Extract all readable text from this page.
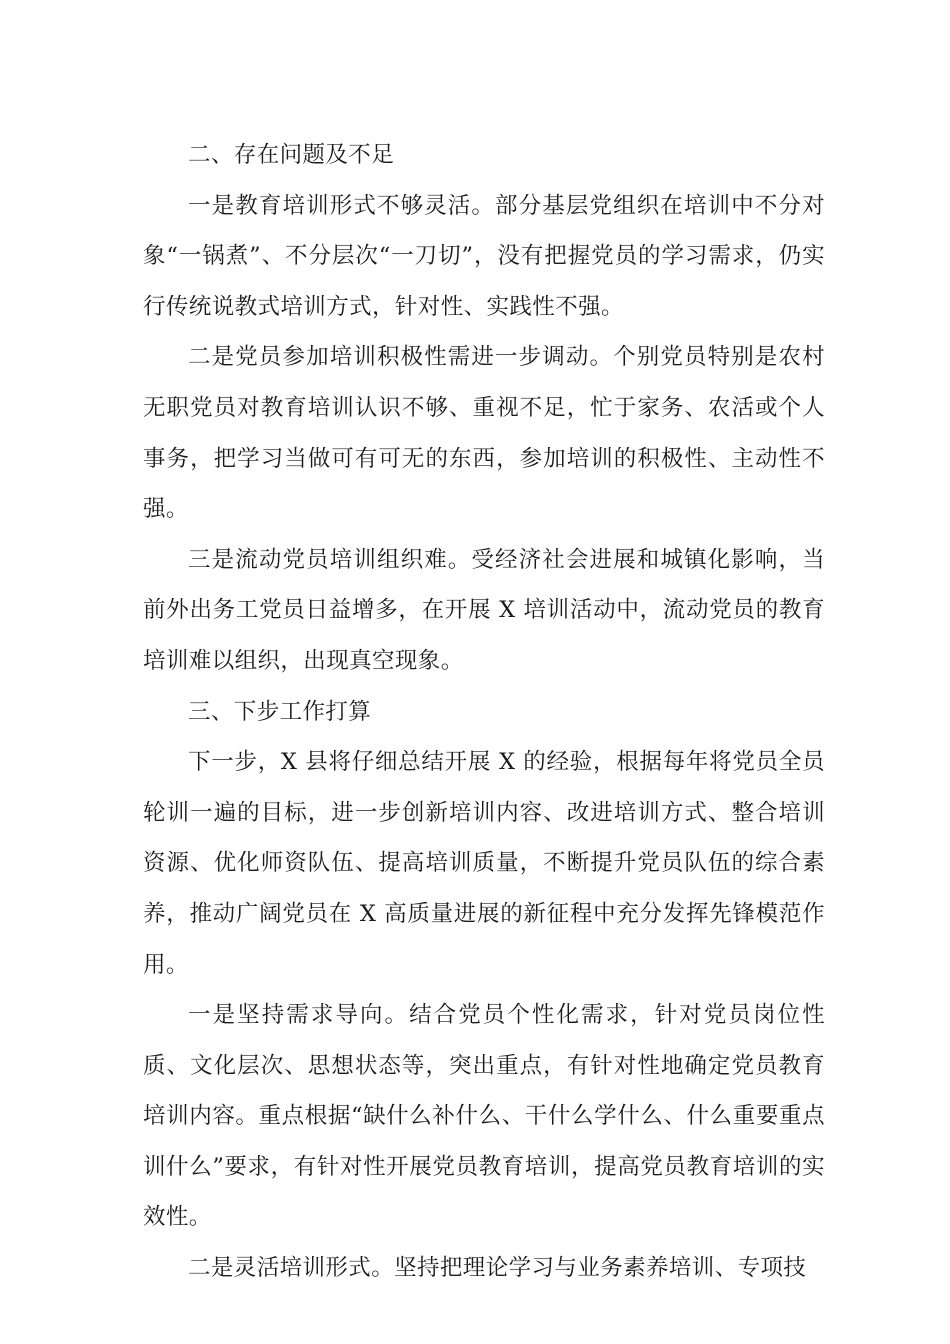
二、存在问题及不足

一是教育培训形式不够灵活。部分基层党组织在培训中不分对象“一锅煮”、不分层次“一刀切”，没有把握党员的学习需求，仍实行传统说教式培训方式，针对性、实践性不强。

二是党员参加培训积极性需进一步调动。个别党员特别是农村无职党员对教育培训认识不够、重视不足，忙于家务、农活或个人事务，把学习当做可有可无的东西，参加培训的积极性、主动性不强。

三是流动党员培训组织难。受经济社会进展和城镇化影响，当前外出务工党员日益增多，在开展 X 培训活动中，流动党员的教育培训难以组织，出现真空现象。

三、下步工作打算

下一步，X 县将仔细总结开展 X 的经验，根据每年将党员全员轮训一遍的目标，进一步创新培训内容、改进培训方式、整合培训资源、优化师资队伍、提高培训质量，不断提升党员队伍的综合素养，推动广阔党员在 X 高质量进展的新征程中充分发挥先锋模范作用。

一是坚持需求导向。结合党员个性化需求，针对党员岗位性质、文化层次、思想状态等，突出重点，有针对性地确定党员教育培训内容。重点根据“缺什么补什么、干什么学什么、什么重要重点训什么”要求，有针对性开展党员教育培训，提高党员教育培训的实效性。

二是灵活培训形式。坚持把理论学习与业务素养培训、专项技
